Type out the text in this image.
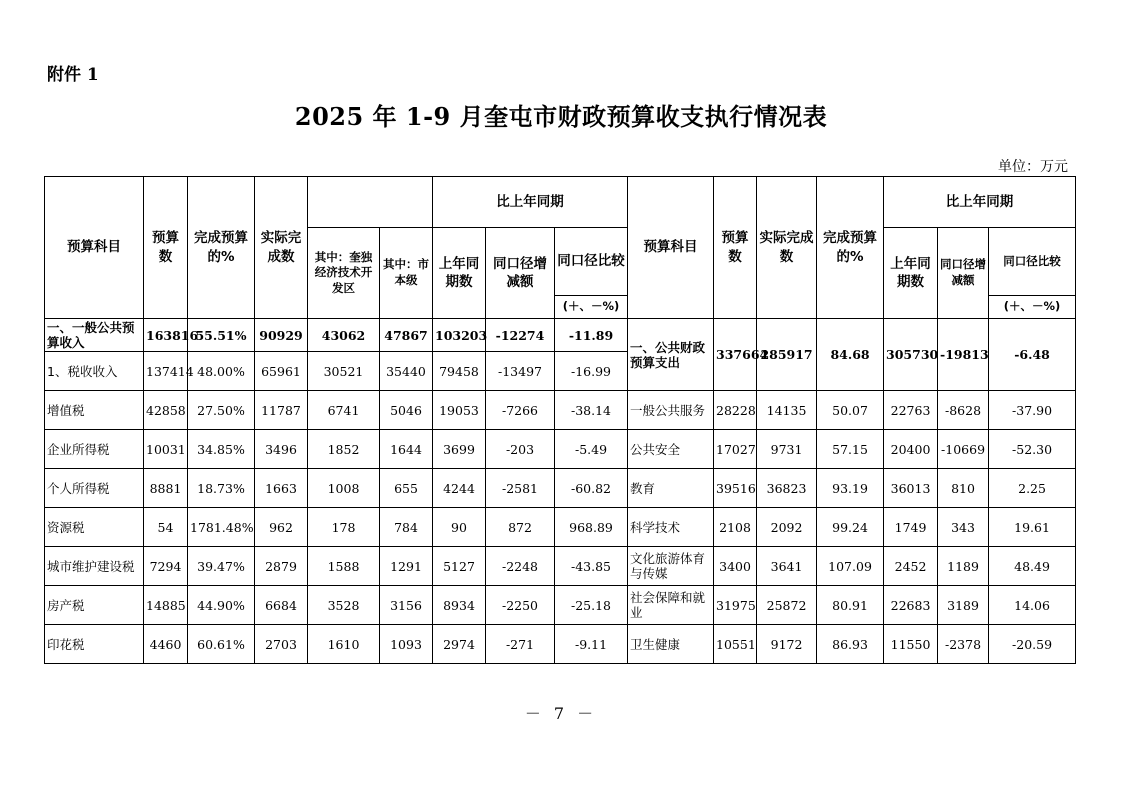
附件 1
2025 年 1-9 月奎屯市财政预算收支执行情况表
单位：万元
预算科目	预算数	完成预算的%	实际完成数			比上年同期			预算科目	预算数	实际完成数	完成预算的%	比上年同期		
				其中：奎独经济技术开发区	其中：市本级	上年同期数	同口径增减额	同口径比较					上年同期数	同口径增减额	同口径比较
								(＋、－%)							(＋、－%)
一、一般公共预算收入	163816	55.51%	90929	43062	47867	103203	-12274	-11.89	一、公共财政预算支出	337664	285917	84.68	305730	-19813	-6.48
1、税收收入	137414	48.00%	65961	30521	35440	79458	-13497	-16.99							
增值税	42858	27.50%	11787	6741	5046	19053	-7266	-38.14	一般公共服务	28228	14135	50.07	22763	-8628	-37.90
企业所得税	10031	34.85%	3496	1852	1644	3699	-203	-5.49	公共安全	17027	9731	57.15	20400	-10669	-52.30
个人所得税	8881	18.73%	1663	1008	655	4244	-2581	-60.82	教育	39516	36823	93.19	36013	810	2.25
资源税	54	1781.48%	962	178	784	90	872	968.89	科学技术	2108	2092	99.24	1749	343	19.61
城市维护建设税	7294	39.47%	2879	1588	1291	5127	-2248	-43.85	文化旅游体育与传媒	3400	3641	107.09	2452	1189	48.49
房产税	14885	44.90%	6684	3528	3156	8934	-2250	-25.18	社会保障和就业	31975	25872	80.91	22683	3189	14.06
印花税	4460	60.61%	2703	1610	1093	2974	-271	-9.11	卫生健康	10551	9172	86.93	11550	-2378	-20.59
－ 7 －
